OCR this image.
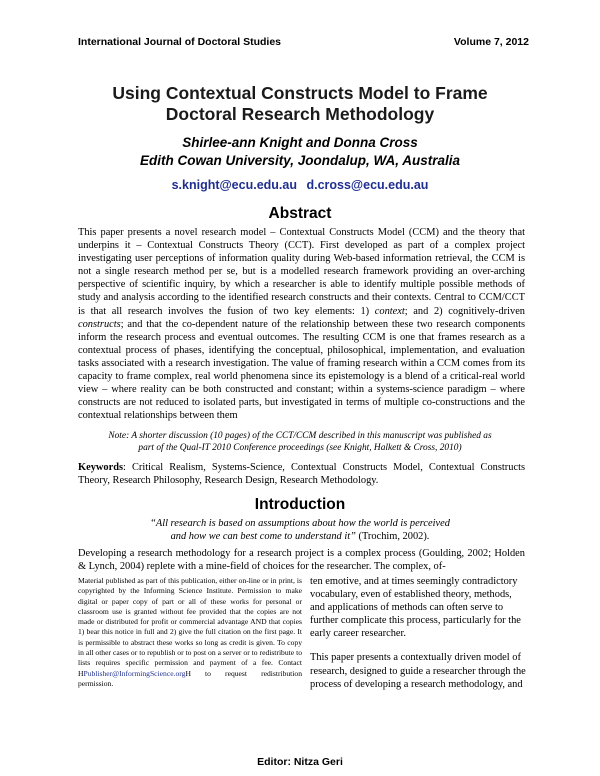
International Journal of Doctoral Studies	Volume 7, 2012
Using Contextual Constructs Model to Frame
Doctoral Research Methodology
Shirlee-ann Knight and Donna Cross
Edith Cowan University, Joondalup, WA, Australia
s.knight@ecu.edu.au d.cross@ecu.edu.au
Abstract
This paper presents a novel research model – Contextual Constructs Model (CCM) and the theory that underpins it – Contextual Constructs Theory (CCT). First developed as part of a complex project investigating user perceptions of information quality during Web-based information retrieval, the CCM is not a single research method per se, but is a modelled research framework providing an over-arching perspective of scientific inquiry, by which a researcher is able to identify multiple possible methods of study and analysis according to the identified research constructs and their contexts. Central to CCM/CCT is that all research involves the fusion of two key elements: 1) context; and 2) cognitively-driven constructs; and that the co-dependent nature of the relationship between these two research components inform the research process and eventual outcomes. The resulting CCM is one that frames research as a contextual process of phases, identifying the conceptual, philosophical, implementation, and evaluation tasks associated with a research investigation. The value of framing research within a CCM comes from its capacity to frame complex, real world phenomena since its epistemology is a blend of a critical-real world view – where reality can be both constructed and constant; within a systems-science paradigm – where constructs are not reduced to isolated parts, but investigated in terms of multiple co-constructions and the contextual relationships between them
Note: A shorter discussion (10 pages) of the CCT/CCM described in this manuscript was published as part of the Qual-IT 2010 Conference proceedings (see Knight, Halkett & Cross, 2010)
Keywords: Critical Realism, Systems-Science, Contextual Constructs Model, Contextual Constructs Theory, Research Philosophy, Research Design, Research Methodology.
Introduction
“All research is based on assumptions about how the world is perceived
and how we can best come to understand it” (Trochim, 2002).
Developing a research methodology for a research project is a complex process (Goulding, 2002; Holden & Lynch, 2004) replete with a mine-field of choices for the researcher. The complex, of-
Material published as part of this publication, either on-line or in print, is copyrighted by the Informing Science Institute. Permission to make digital or paper copy of part or all of these works for personal or classroom use is granted without fee provided that the copies are not made or distributed for profit or commercial advantage AND that copies 1) bear this notice in full and 2) give the full citation on the first page. It is permissible to abstract these works so long as credit is given. To copy in all other cases or to republish or to post on a server or to redistribute to lists requires specific permission and payment of a fee. Contact HPublisher@InformingScience.orgH to request redistribution permission.

ten emotive, and at times seemingly contradictory vocabulary, even of established theory, methods, and applications of methods can often serve to further complicate this process, particularly for the early career researcher.

This paper presents a contextually driven model of research, designed to guide a researcher through the process of developing a research methodology, and

Editor: Nitza Geri
